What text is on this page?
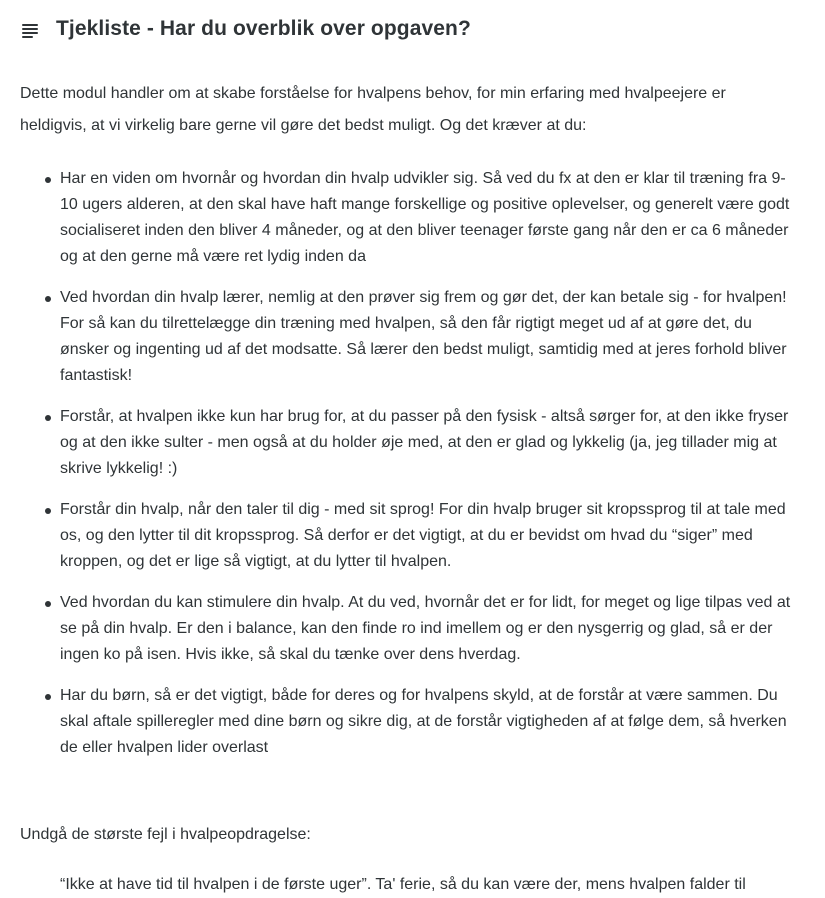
Tjekliste - Har du overblik over opgaven?

Dette modul handler om at skabe forståelse for hvalpens behov, for min erfaring med hvalpeejere er heldigvis, at vi virkelig bare gerne vil gøre det bedst muligt. Og det kræver at du:

Har en viden om hvornår og hvordan din hvalp udvikler sig. Så ved du fx at den er klar til træning fra 9-10 ugers alderen, at den skal have haft mange forskellige og positive oplevelser, og generelt være godt socialiseret inden den bliver 4 måneder, og at den bliver teenager første gang når den er ca 6 måneder og at den gerne må være ret lydig inden da
Ved hvordan din hvalp lærer, nemlig at den prøver sig frem og gør det, der kan betale sig - for hvalpen! For så kan du tilrettelægge din træning med hvalpen, så den får rigtigt meget ud af at gøre det, du ønsker og ingenting ud af det modsatte. Så lærer den bedst muligt, samtidig med at jeres forhold bliver fantastisk!
Forstår, at hvalpen ikke kun har brug for, at du passer på den fysisk - altså sørger for, at den ikke fryser og at den ikke sulter - men også at du holder øje med, at den er glad og lykkelig (ja, jeg tillader mig at skrive lykkelig! :)
Forstår din hvalp, når den taler til dig - med sit sprog! For din hvalp bruger sit kropssprog til at tale med os, og den lytter til dit kropssprog. Så derfor er det vigtigt, at du er bevidst om hvad du “siger” med kroppen, og det er lige så vigtigt, at du lytter til hvalpen.
Ved hvordan du kan stimulere din hvalp. At du ved, hvornår det er for lidt, for meget og lige tilpas ved at se på din hvalp. Er den i balance, kan den finde ro ind imellem og er den nysgerrig og glad, så er der ingen ko på isen. Hvis ikke, så skal du tænke over dens hverdag.
Har du børn, så er det vigtigt, både for deres og for hvalpens skyld, at de forstår at være sammen. Du skal aftale spilleregler med dine børn og sikre dig, at de forstår vigtigheden af at følge dem, så hverken de eller hvalpen lider overlast

Undgå de største fejl i hvalpeopdragelse:

“Ikke at have tid til hvalpen i de første uger”. Ta' ferie, så du kan være der, mens hvalpen falder til
